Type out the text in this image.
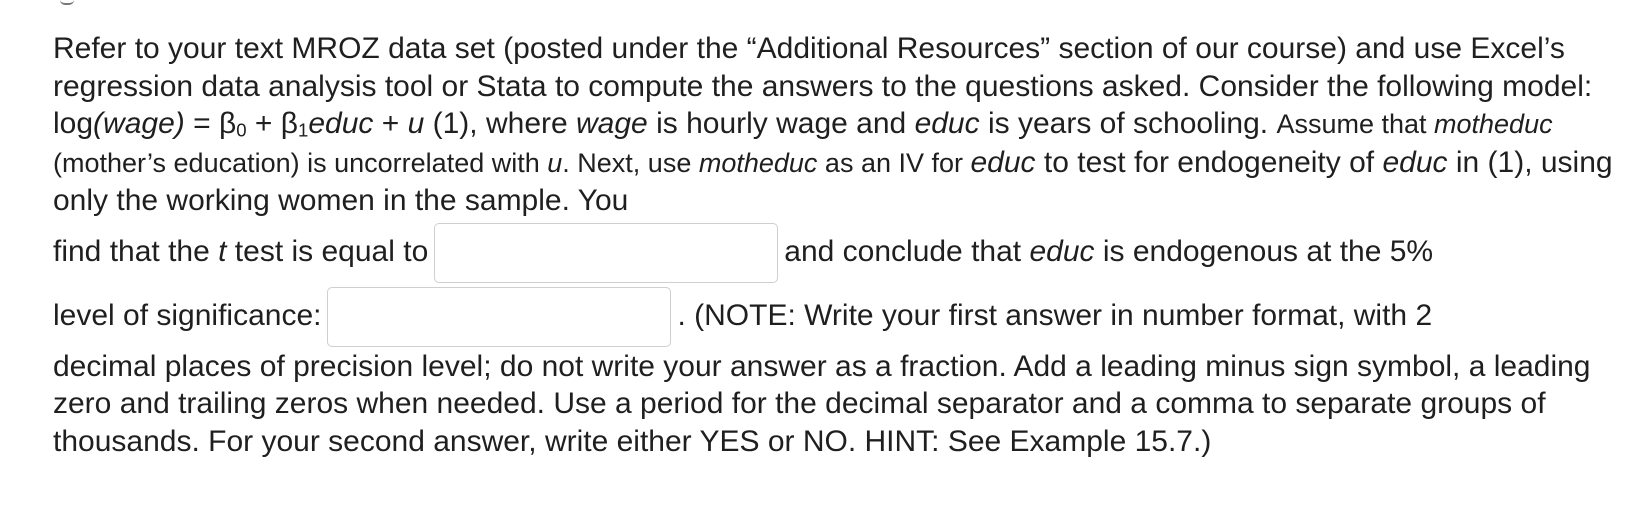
Refer to your text MROZ data set (posted under the “Additional Resources” section of our course) and use Excel’s regression data analysis tool or Stata to compute the answers to the questions asked. Consider the following model: log(wage) = $\beta_0$ + $\beta_1educ + u$ (1), where wage is hourly wage and educ is years of schooling. Assume that motheduc (mother’s education) is uncorrelated with u. Next, use motheduc as an IV for educ to test for endogeneity of educ in (1), using only the working women in the sample. You
find that the t test is equal to	and conclude that educ is endogenous at the 5%
level of significance:	. (NOTE: Write your first answer in number format, with 2
decimal places of precision level; do not write your answer as a fraction. Add a leading minus sign symbol, a leading zero and trailing zeros when needed. Use a period for the decimal separator and a comma to separate groups of thousands. For your second answer, write either YES or NO. HINT: See Example 15.7.)
